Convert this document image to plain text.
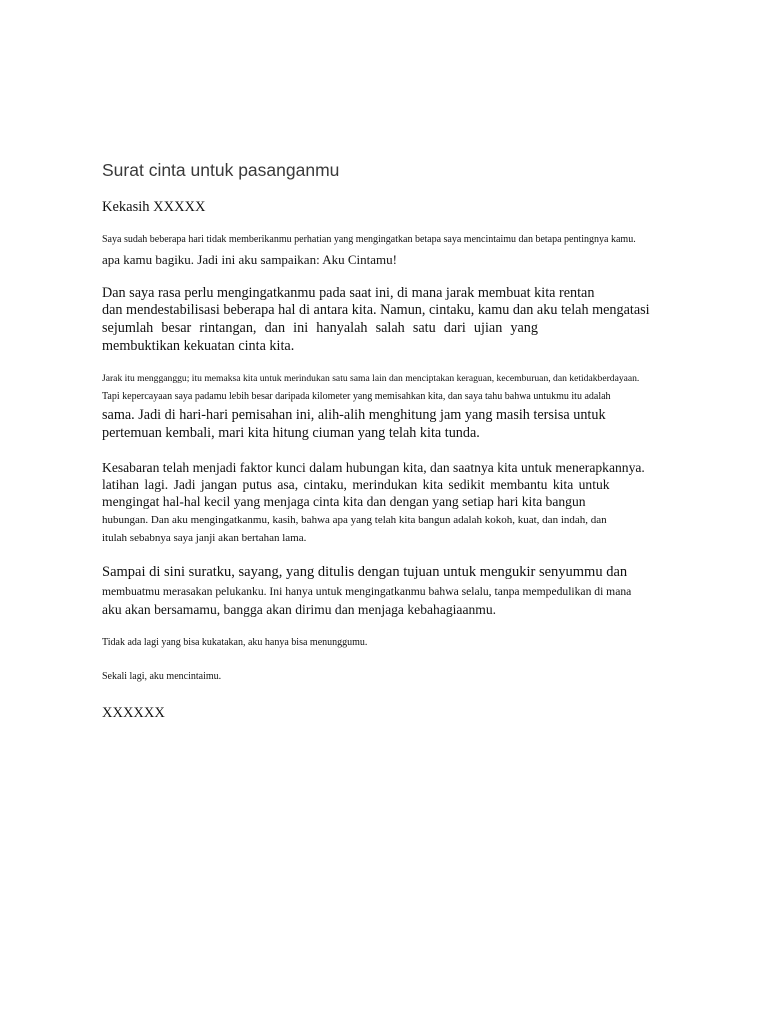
Surat cinta untuk pasanganmu
Kekasih XXXXX
Saya sudah beberapa hari tidak memberikanmu perhatian yang mengingatkan betapa saya mencintaimu dan betapa pentingnya kamu.
apa kamu bagiku. Jadi ini aku sampaikan: Aku Cintamu!
Dan saya rasa perlu mengingatkanmu pada saat ini, di mana jarak membuat kita rentan
dan mendestabilisasi beberapa hal di antara kita. Namun, cintaku, kamu dan aku telah mengatasi
sejumlah besar rintangan, dan ini hanyalah salah satu dari ujian yang
membuktikan kekuatan cinta kita.
Jarak itu mengganggu; itu memaksa kita untuk merindukan satu sama lain dan menciptakan keraguan, kecemburuan, dan ketidakberdayaan.
Tapi kepercayaan saya padamu lebih besar daripada kilometer yang memisahkan kita, dan saya tahu bahwa untukmu itu adalah
sama. Jadi di hari-hari pemisahan ini, alih-alih menghitung jam yang masih tersisa untuk
pertemuan kembali, mari kita hitung ciuman yang telah kita tunda.
Kesabaran telah menjadi faktor kunci dalam hubungan kita, dan saatnya kita untuk menerapkannya.
latihan lagi. Jadi jangan putus asa, cintaku, merindukan kita sedikit membantu kita untuk
mengingat hal-hal kecil yang menjaga cinta kita dan dengan yang setiap hari kita bangun
hubungan. Dan aku mengingatkanmu, kasih, bahwa apa yang telah kita bangun adalah kokoh, kuat, dan indah, dan
itulah sebabnya saya janji akan bertahan lama.
Sampai di sini suratku, sayang, yang ditulis dengan tujuan untuk mengukir senyummu dan
membuatmu merasakan pelukanku. Ini hanya untuk mengingatkanmu bahwa selalu, tanpa mempedulikan di mana
aku akan bersamamu, bangga akan dirimu dan menjaga kebahagiaanmu.
Tidak ada lagi yang bisa kukatakan, aku hanya bisa menunggumu.
Sekali lagi, aku mencintaimu.
XXXXXX
